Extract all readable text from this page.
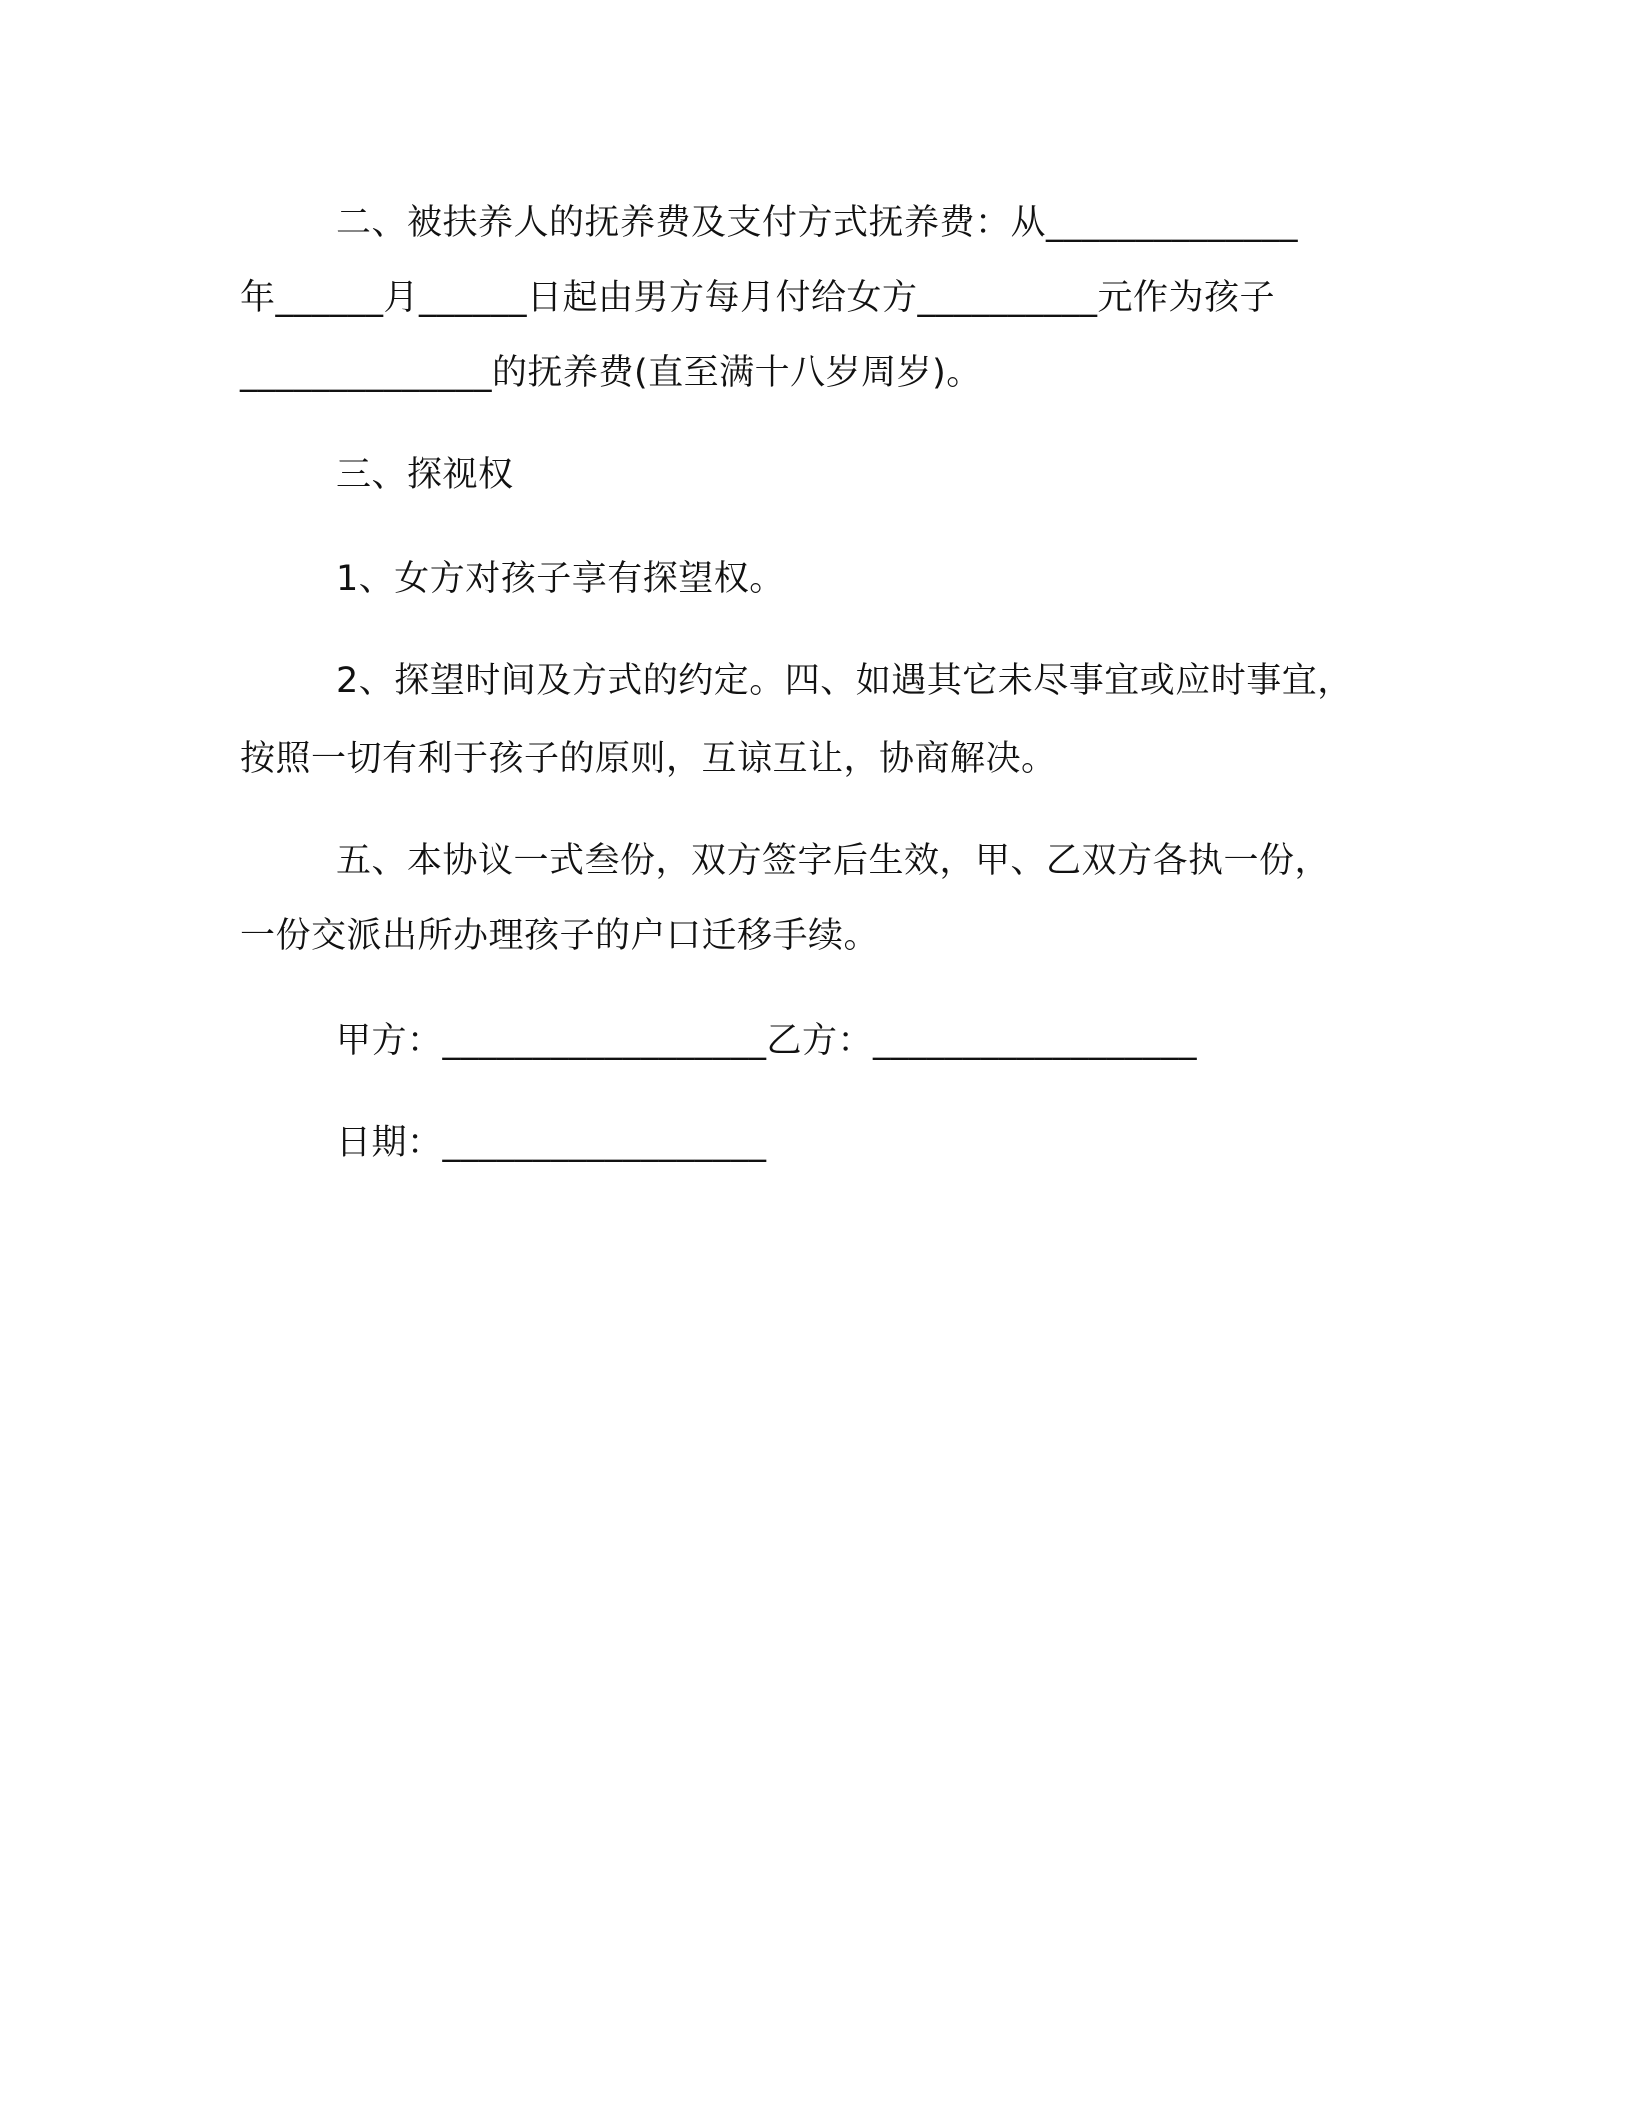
二、被扶养人的抚养费及支付方式抚养费：从______________
年______月______日起由男方每月付给女方__________元作为孩子
______________的抚养费(直至满十八岁周岁)。
三、探视权
1、女方对孩子享有探望权。
2、探望时间及方式的约定。四、如遇其它未尽事宜或应时事宜，
按照一切有利于孩子的原则，互谅互让，协商解决。
五、本协议一式叁份，双方签字后生效，甲、乙双方各执一份，
一份交派出所办理孩子的户口迁移手续。
甲方：__________________乙方：__________________
日期：__________________
